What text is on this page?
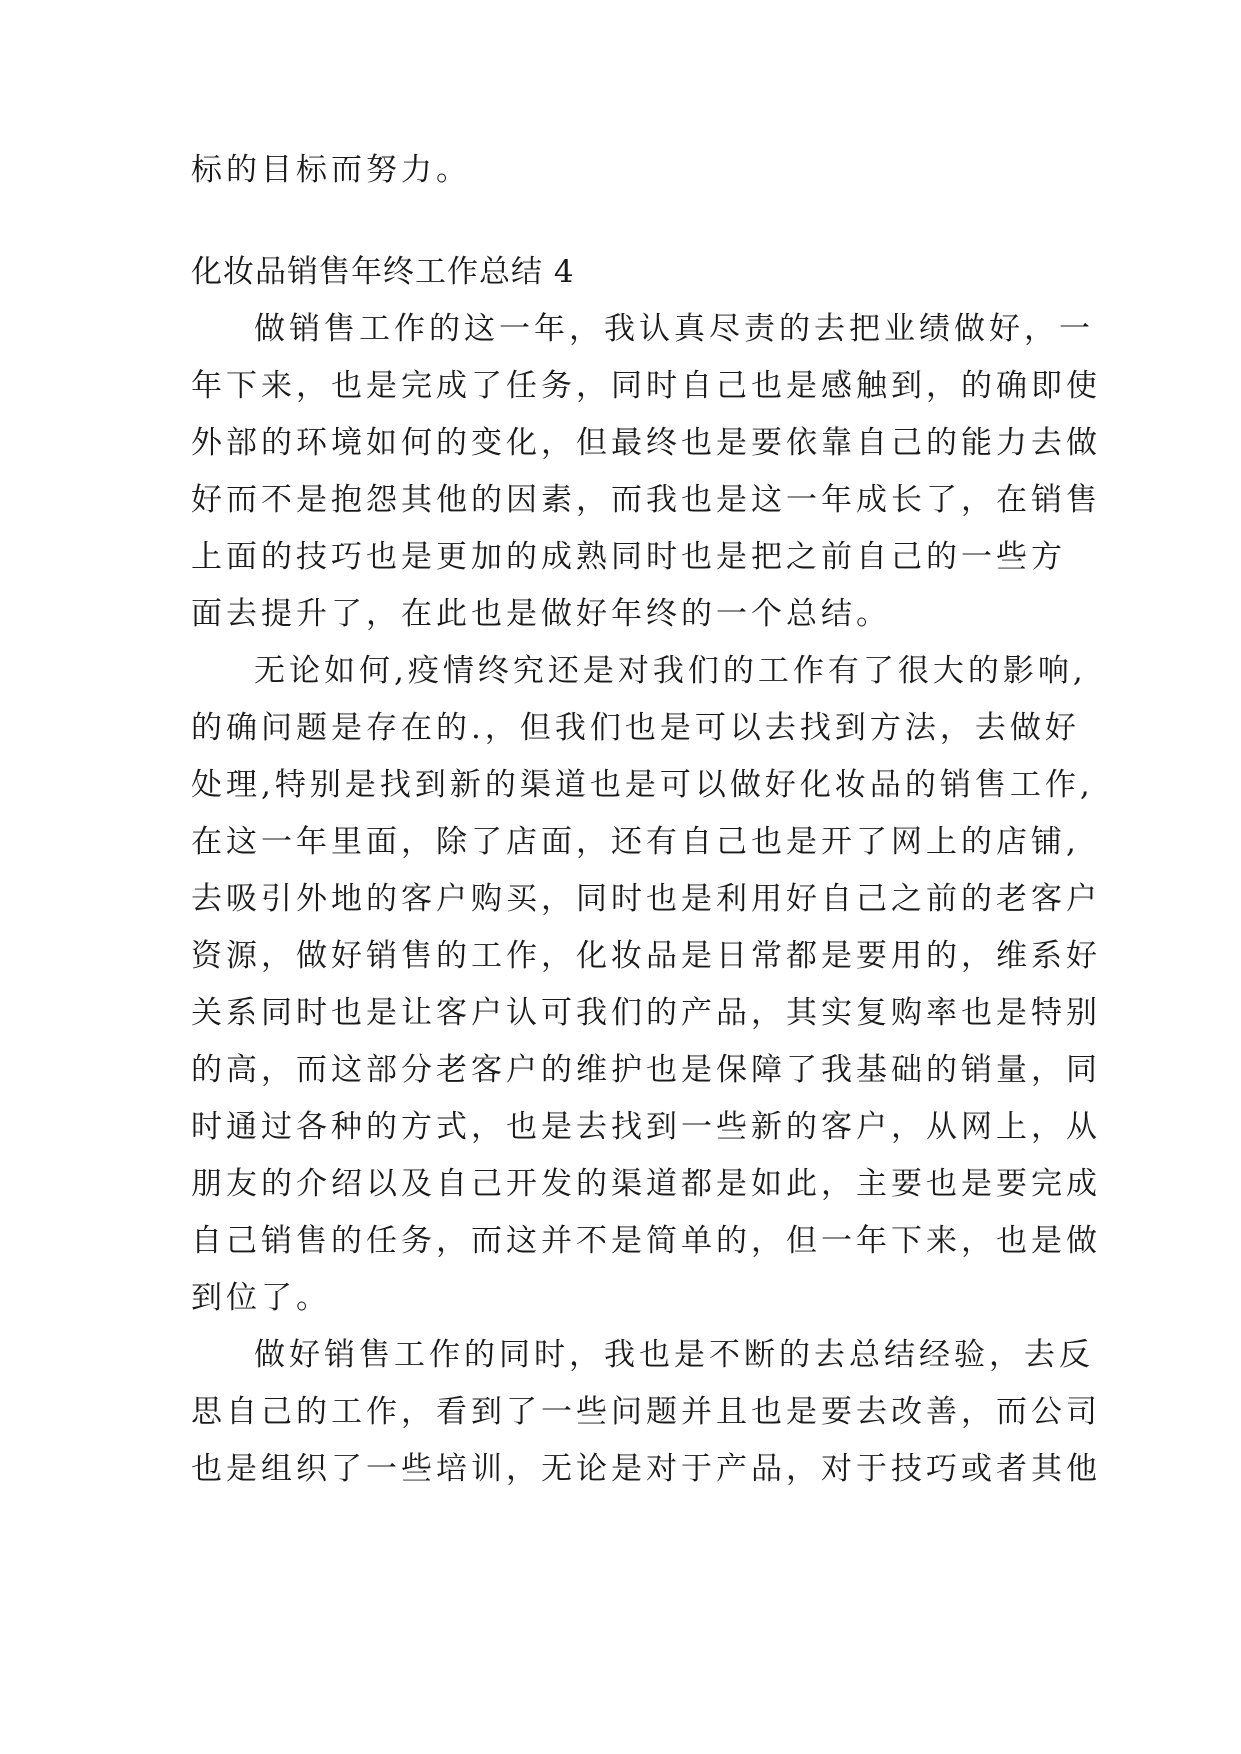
标的目标而努力。
化妆品销售年终工作总结 4
做销售工作的这一年，我认真尽责的去把业绩做好，一
年下来，也是完成了任务，同时自己也是感触到，的确即使
外部的环境如何的变化，但最终也是要依靠自己的能力去做
好而不是抱怨其他的因素，而我也是这一年成长了，在销售
上面的技巧也是更加的成熟同时也是把之前自己的一些方
面去提升了，在此也是做好年终的一个总结。
无论如何,疫情终究还是对我们的工作有了很大的影响,
的确问题是存在的.，但我们也是可以去找到方法，去做好
处理,特别是找到新的渠道也是可以做好化妆品的销售工作,
在这一年里面，除了店面，还有自己也是开了网上的店铺,
去吸引外地的客户购买，同时也是利用好自己之前的老客户
资源，做好销售的工作，化妆品是日常都是要用的，维系好
关系同时也是让客户认可我们的产品，其实复购率也是特别
的高，而这部分老客户的维护也是保障了我基础的销量，同
时通过各种的方式，也是去找到一些新的客户，从网上，从
朋友的介绍以及自己开发的渠道都是如此，主要也是要完成
自己销售的任务，而这并不是简单的，但一年下来，也是做
到位了。
做好销售工作的同时，我也是不断的去总结经验，去反
思自己的工作，看到了一些问题并且也是要去改善，而公司
也是组织了一些培训，无论是对于产品，对于技巧或者其他
